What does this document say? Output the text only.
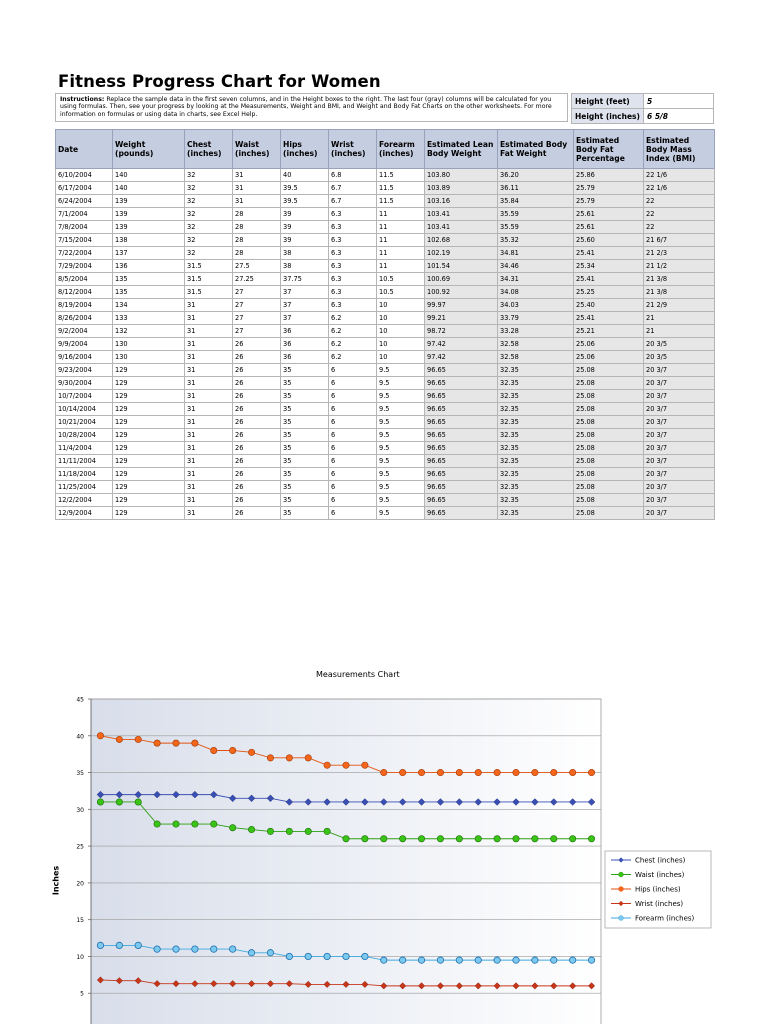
Fitness Progress Chart for Women
Instructions: Replace the sample data in the first seven columns, and in the Height boxes to the right. The last four (gray) columns will be calculated for you using formulas. Then, see your progress by looking at the Measurements, Weight and BMI, and Weight and Body Fat Charts on the other worksheets. For more information on formulas or using data in charts, see Excel Help.
Height (feet)	5
Height (inches)	6 5/8
Date	Weight (pounds)	Chest (inches)	Waist (inches)	Hips (inches)	Wrist (inches)	Forearm (inches)	Estimated Lean Body Weight	Estimated Body Fat Weight	Estimated Body Fat Percentage	Estimated Body Mass Index (BMI)
6/10/2004	140	32	31	40	6.8	11.5	103.80	36.20	25.86	22 1/6
6/17/2004	140	32	31	39.5	6.7	11.5	103.89	36.11	25.79	22 1/6
6/24/2004	139	32	31	39.5	6.7	11.5	103.16	35.84	25.79	22
7/1/2004	139	32	28	39	6.3	11	103.41	35.59	25.61	22
7/8/2004	139	32	28	39	6.3	11	103.41	35.59	25.61	22
7/15/2004	138	32	28	39	6.3	11	102.68	35.32	25.60	21 6/7
7/22/2004	137	32	28	38	6.3	11	102.19	34.81	25.41	21 2/3
7/29/2004	136	31.5	27.5	38	6.3	11	101.54	34.46	25.34	21 1/2
8/5/2004	135	31.5	27.25	37.75	6.3	10.5	100.69	34.31	25.41	21 3/8
8/12/2004	135	31.5	27	37	6.3	10.5	100.92	34.08	25.25	21 3/8
8/19/2004	134	31	27	37	6.3	10	99.97	34.03	25.40	21 2/9
8/26/2004	133	31	27	37	6.2	10	99.21	33.79	25.41	21
9/2/2004	132	31	27	36	6.2	10	98.72	33.28	25.21	21
9/9/2004	130	31	26	36	6.2	10	97.42	32.58	25.06	20 3/5
9/16/2004	130	31	26	36	6.2	10	97.42	32.58	25.06	20 3/5
9/23/2004	129	31	26	35	6	9.5	96.65	32.35	25.08	20 3/7
9/30/2004	129	31	26	35	6	9.5	96.65	32.35	25.08	20 3/7
10/7/2004	129	31	26	35	6	9.5	96.65	32.35	25.08	20 3/7
10/14/2004	129	31	26	35	6	9.5	96.65	32.35	25.08	20 3/7
10/21/2004	129	31	26	35	6	9.5	96.65	32.35	25.08	20 3/7
10/28/2004	129	31	26	35	6	9.5	96.65	32.35	25.08	20 3/7
11/4/2004	129	31	26	35	6	9.5	96.65	32.35	25.08	20 3/7
11/11/2004	129	31	26	35	6	9.5	96.65	32.35	25.08	20 3/7
11/18/2004	129	31	26	35	6	9.5	96.65	32.35	25.08	20 3/7
11/25/2004	129	31	26	35	6	9.5	96.65	32.35	25.08	20 3/7
12/2/2004	129	31	26	35	6	9.5	96.65	32.35	25.08	20 3/7
12/9/2004	129	31	26	35	6	9.5	96.65	32.35	25.08	20 3/7
Measurements Chart
Inches
5
10
15
20
25
30
35
40
45
Chest (inches)
Waist (inches)
Hips (inches)
Wrist (inches)
Forearm (inches)
